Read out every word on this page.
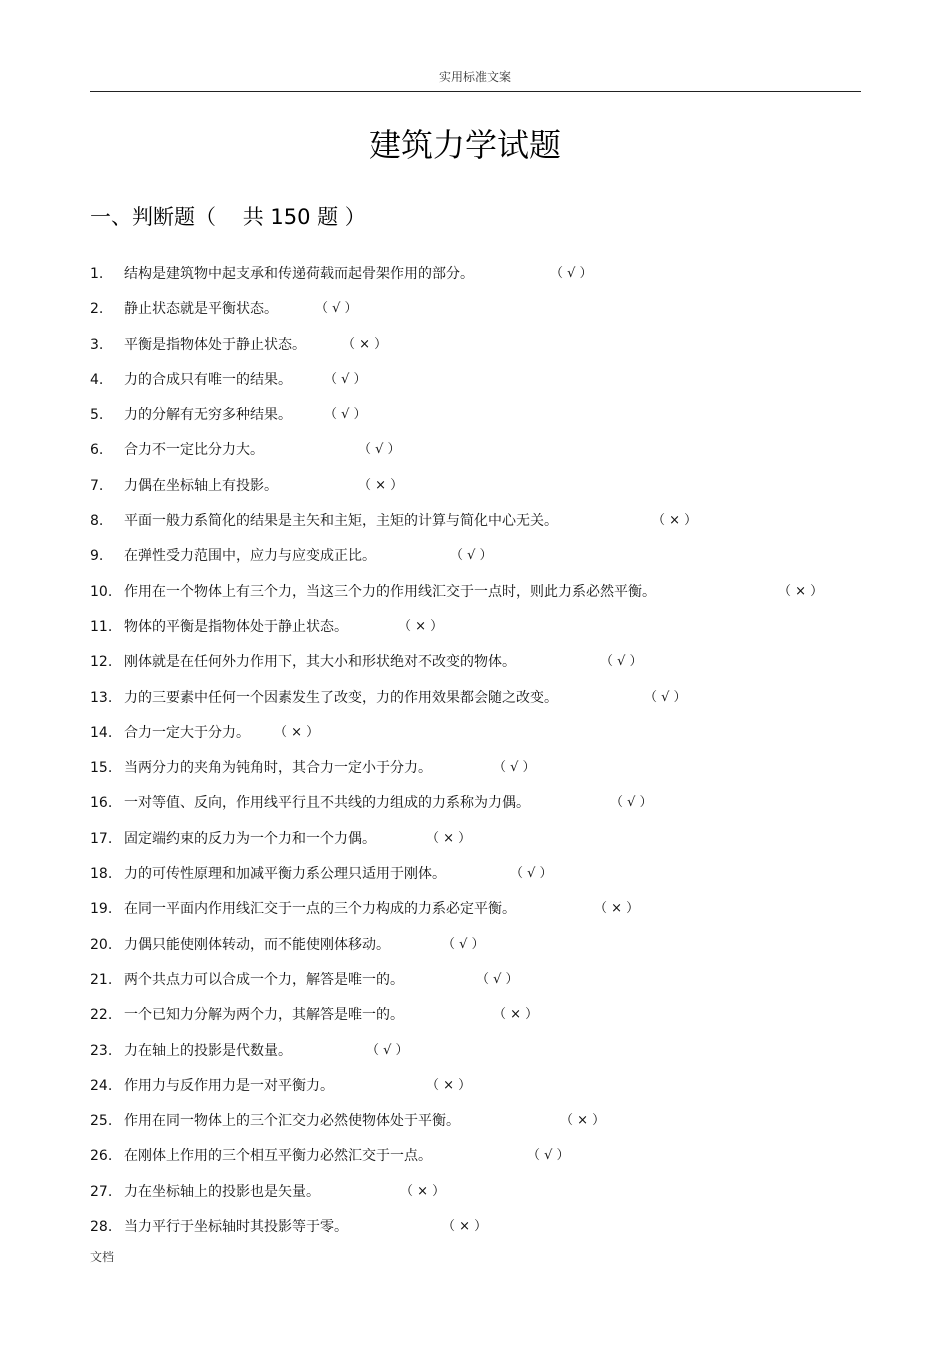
实用标准文案
建筑力学试题
一、判断题（    共 150 题 ）
1. 结构是建筑物中起支承和传递荷载而起骨架作用的部分。	（ √ ）
2. 静止状态就是平衡状态。	（ √ ）
3. 平衡是指物体处于静止状态。	（ × ）
4. 力的合成只有唯一的结果。 （ √ ）
5. 力的分解有无穷多种结果。 （ √ ）
6. 合力不一定比分力大。	（ √ ）
7. 力偶在坐标轴上有投影。	（ × ）
8. 平面一般力系简化的结果是主矢和主矩，主矩的计算与简化中心无关。	（ × ）
9. 在弹性受力范围中，应力与应变成正比。	（ √ ）
10. 作用在一个物体上有三个力，当这三个力的作用线汇交于一点时，则此力系必然平衡。	（ × ）
11. 物体的平衡是指物体处于静止状态。	（ × ）
12. 刚体就是在任何外力作用下，其大小和形状绝对不改变的物体。	（ √ ）
13. 力的三要素中任何一个因素发生了改变，力的作用效果都会随之改变。	（ √ ）
14. 合力一定大于分力。 （ × ）
15. 当两分力的夹角为钝角时，其合力一定小于分力。	（ √ ）
16. 一对等值、反向，作用线平行且不共线的力组成的力系称为力偶。	（ √ ）
17. 固定端约束的反力为一个力和一个力偶。	（ × ）
18. 力的可传性原理和加减平衡力系公理只适用于刚体。	（ √ ）
19. 在同一平面内作用线汇交于一点的三个力构成的力系必定平衡。	（ × ）
20. 力偶只能使刚体转动，而不能使刚体移动。	（ √ ）
21. 两个共点力可以合成一个力，解答是唯一的。	（ √ ）
22. 一个已知力分解为两个力，其解答是唯一的。	（ × ）
23. 力在轴上的投影是代数量。	（ √ ）
24. 作用力与反作用力是一对平衡力。	（ × ）
25. 作用在同一物体上的三个汇交力必然使物体处于平衡。	（ × ）
26. 在刚体上作用的三个相互平衡力必然汇交于一点。	（ √ ）
27. 力在坐标轴上的投影也是矢量。	（ × ）
28. 当力平行于坐标轴时其投影等于零。	（ × ）
文档
